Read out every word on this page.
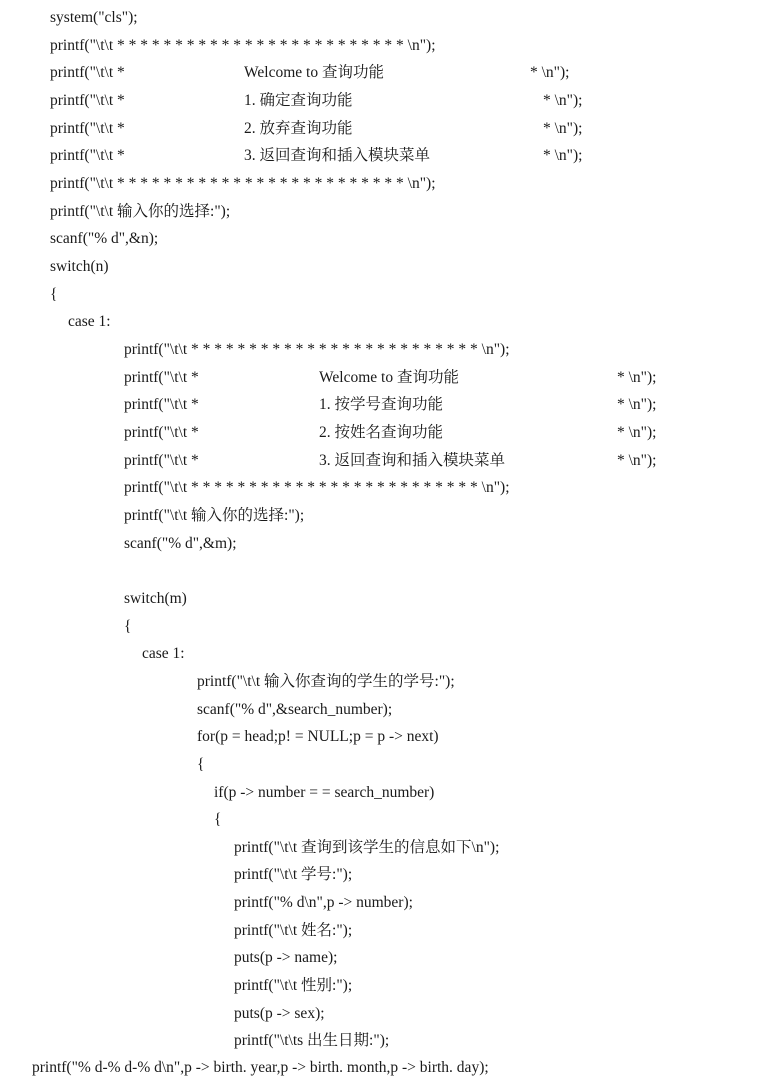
system("cls");
printf("\t\t * * * * * * * * * * * * * * * * * * * * * * * * * \n");
printf("\t\t *	Welcome to 查询功能	* \n");
printf("\t\t *	1. 确定查询功能	* \n");
printf("\t\t *	2. 放弃查询功能	* \n");
printf("\t\t *	3. 返回查询和插入模块菜单	* \n");
printf("\t\t * * * * * * * * * * * * * * * * * * * * * * * * * \n");
printf("\t\t 输入你的选择:");
scanf("% d",&n);
switch(n)
{
case 1:
printf("\t\t * * * * * * * * * * * * * * * * * * * * * * * * * \n");
printf("\t\t *	Welcome to 查询功能	* \n");
printf("\t\t *	1. 按学号查询功能	* \n");
printf("\t\t *	2. 按姓名查询功能	* \n");
printf("\t\t *	3. 返回查询和插入模块菜单	* \n");
printf("\t\t * * * * * * * * * * * * * * * * * * * * * * * * * \n");
printf("\t\t 输入你的选择:");
scanf("% d",&m);
switch(m)
{
case 1:
printf("\t\t 输入你查询的学生的学号:");
scanf("% d",&search_number);
for(p = head;p! = NULL;p = p -> next)
{
if(p -> number = = search_number)
{
printf("\t\t 查询到该学生的信息如下\n");
printf("\t\t 学号:");
printf("% d\n",p -> number);
printf("\t\t 姓名:");
puts(p -> name);
printf("\t\t 性别:");
puts(p -> sex);
printf("\t\ts 出生日期:");
printf("% d-% d-% d\n",p -> birth. year,p -> birth. month,p -> birth. day);
